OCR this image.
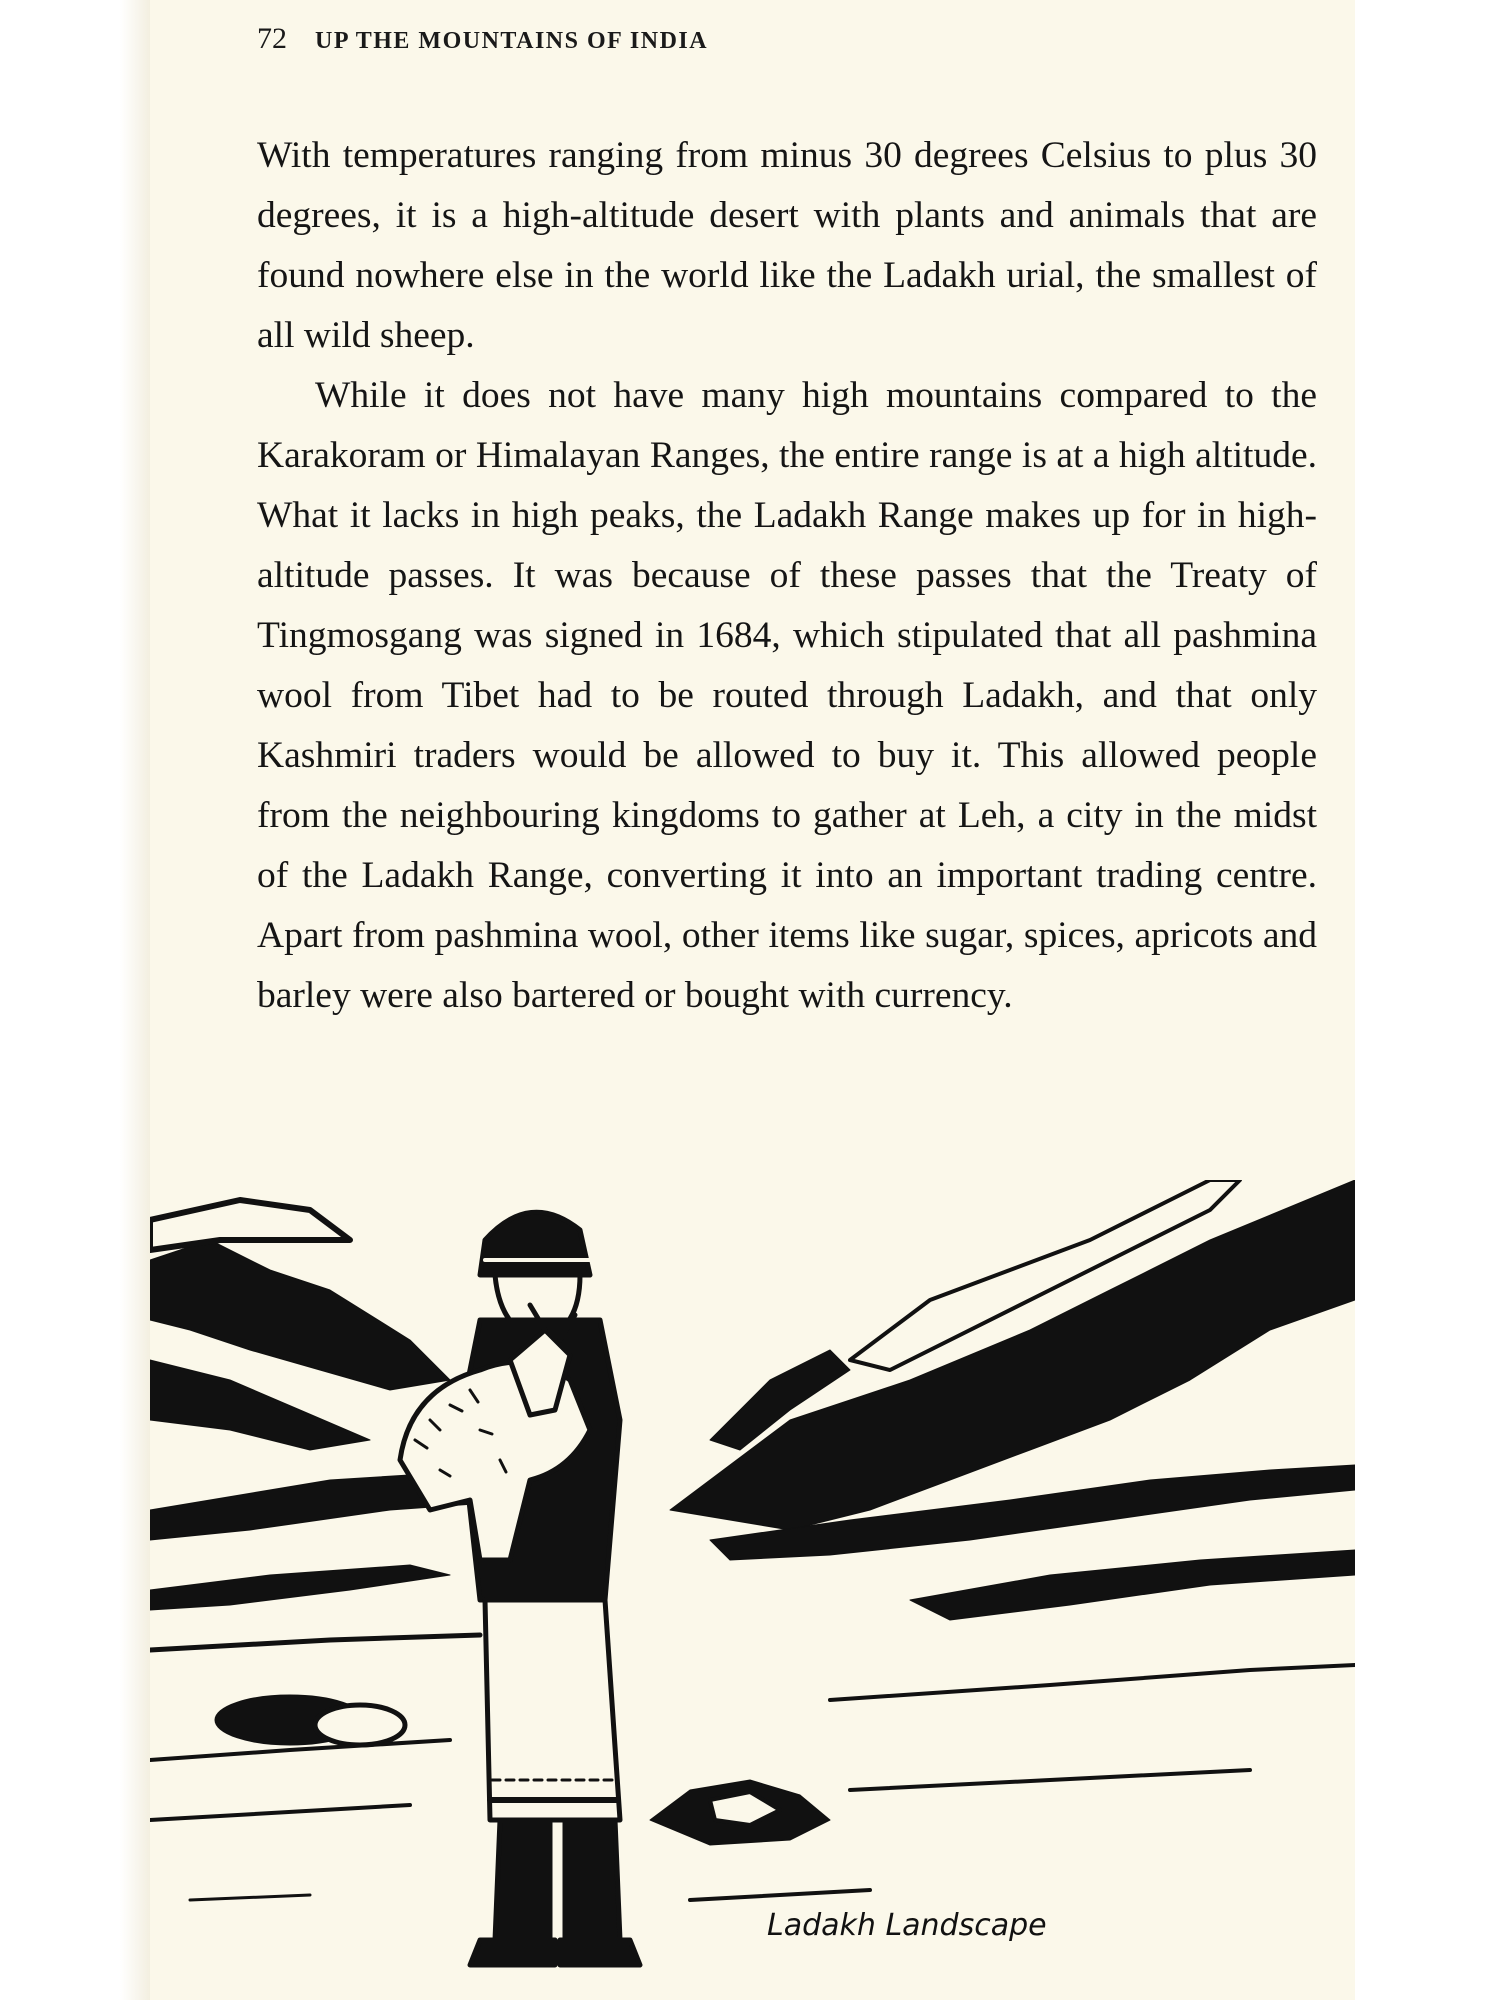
72 UP THE MOUNTAINS OF INDIA

With temperatures ranging from minus 30 degrees Celsius to plus 30 degrees, it is a high-altitude desert with plants and animals that are found nowhere else in the world like the Ladakh urial, the smallest of all wild sheep.

While it does not have many high mountains compared to the Karakoram or Himalayan Ranges, the entire range is at a high altitude. What it lacks in high peaks, the Ladakh Range makes up for in high-altitude passes. It was because of these passes that the Treaty of Tingmosgang was signed in 1684, which stipulated that all pashmina wool from Tibet had to be routed through Ladakh, and that only Kashmiri traders would be allowed to buy it. This allowed people from the neighbouring kingdoms to gather at Leh, a city in the midst of the Ladakh Range, converting it into an important trading centre. Apart from pashmina wool, other items like sugar, spices, apricots and barley were also bartered or bought with currency.

Ladakh Landscape
